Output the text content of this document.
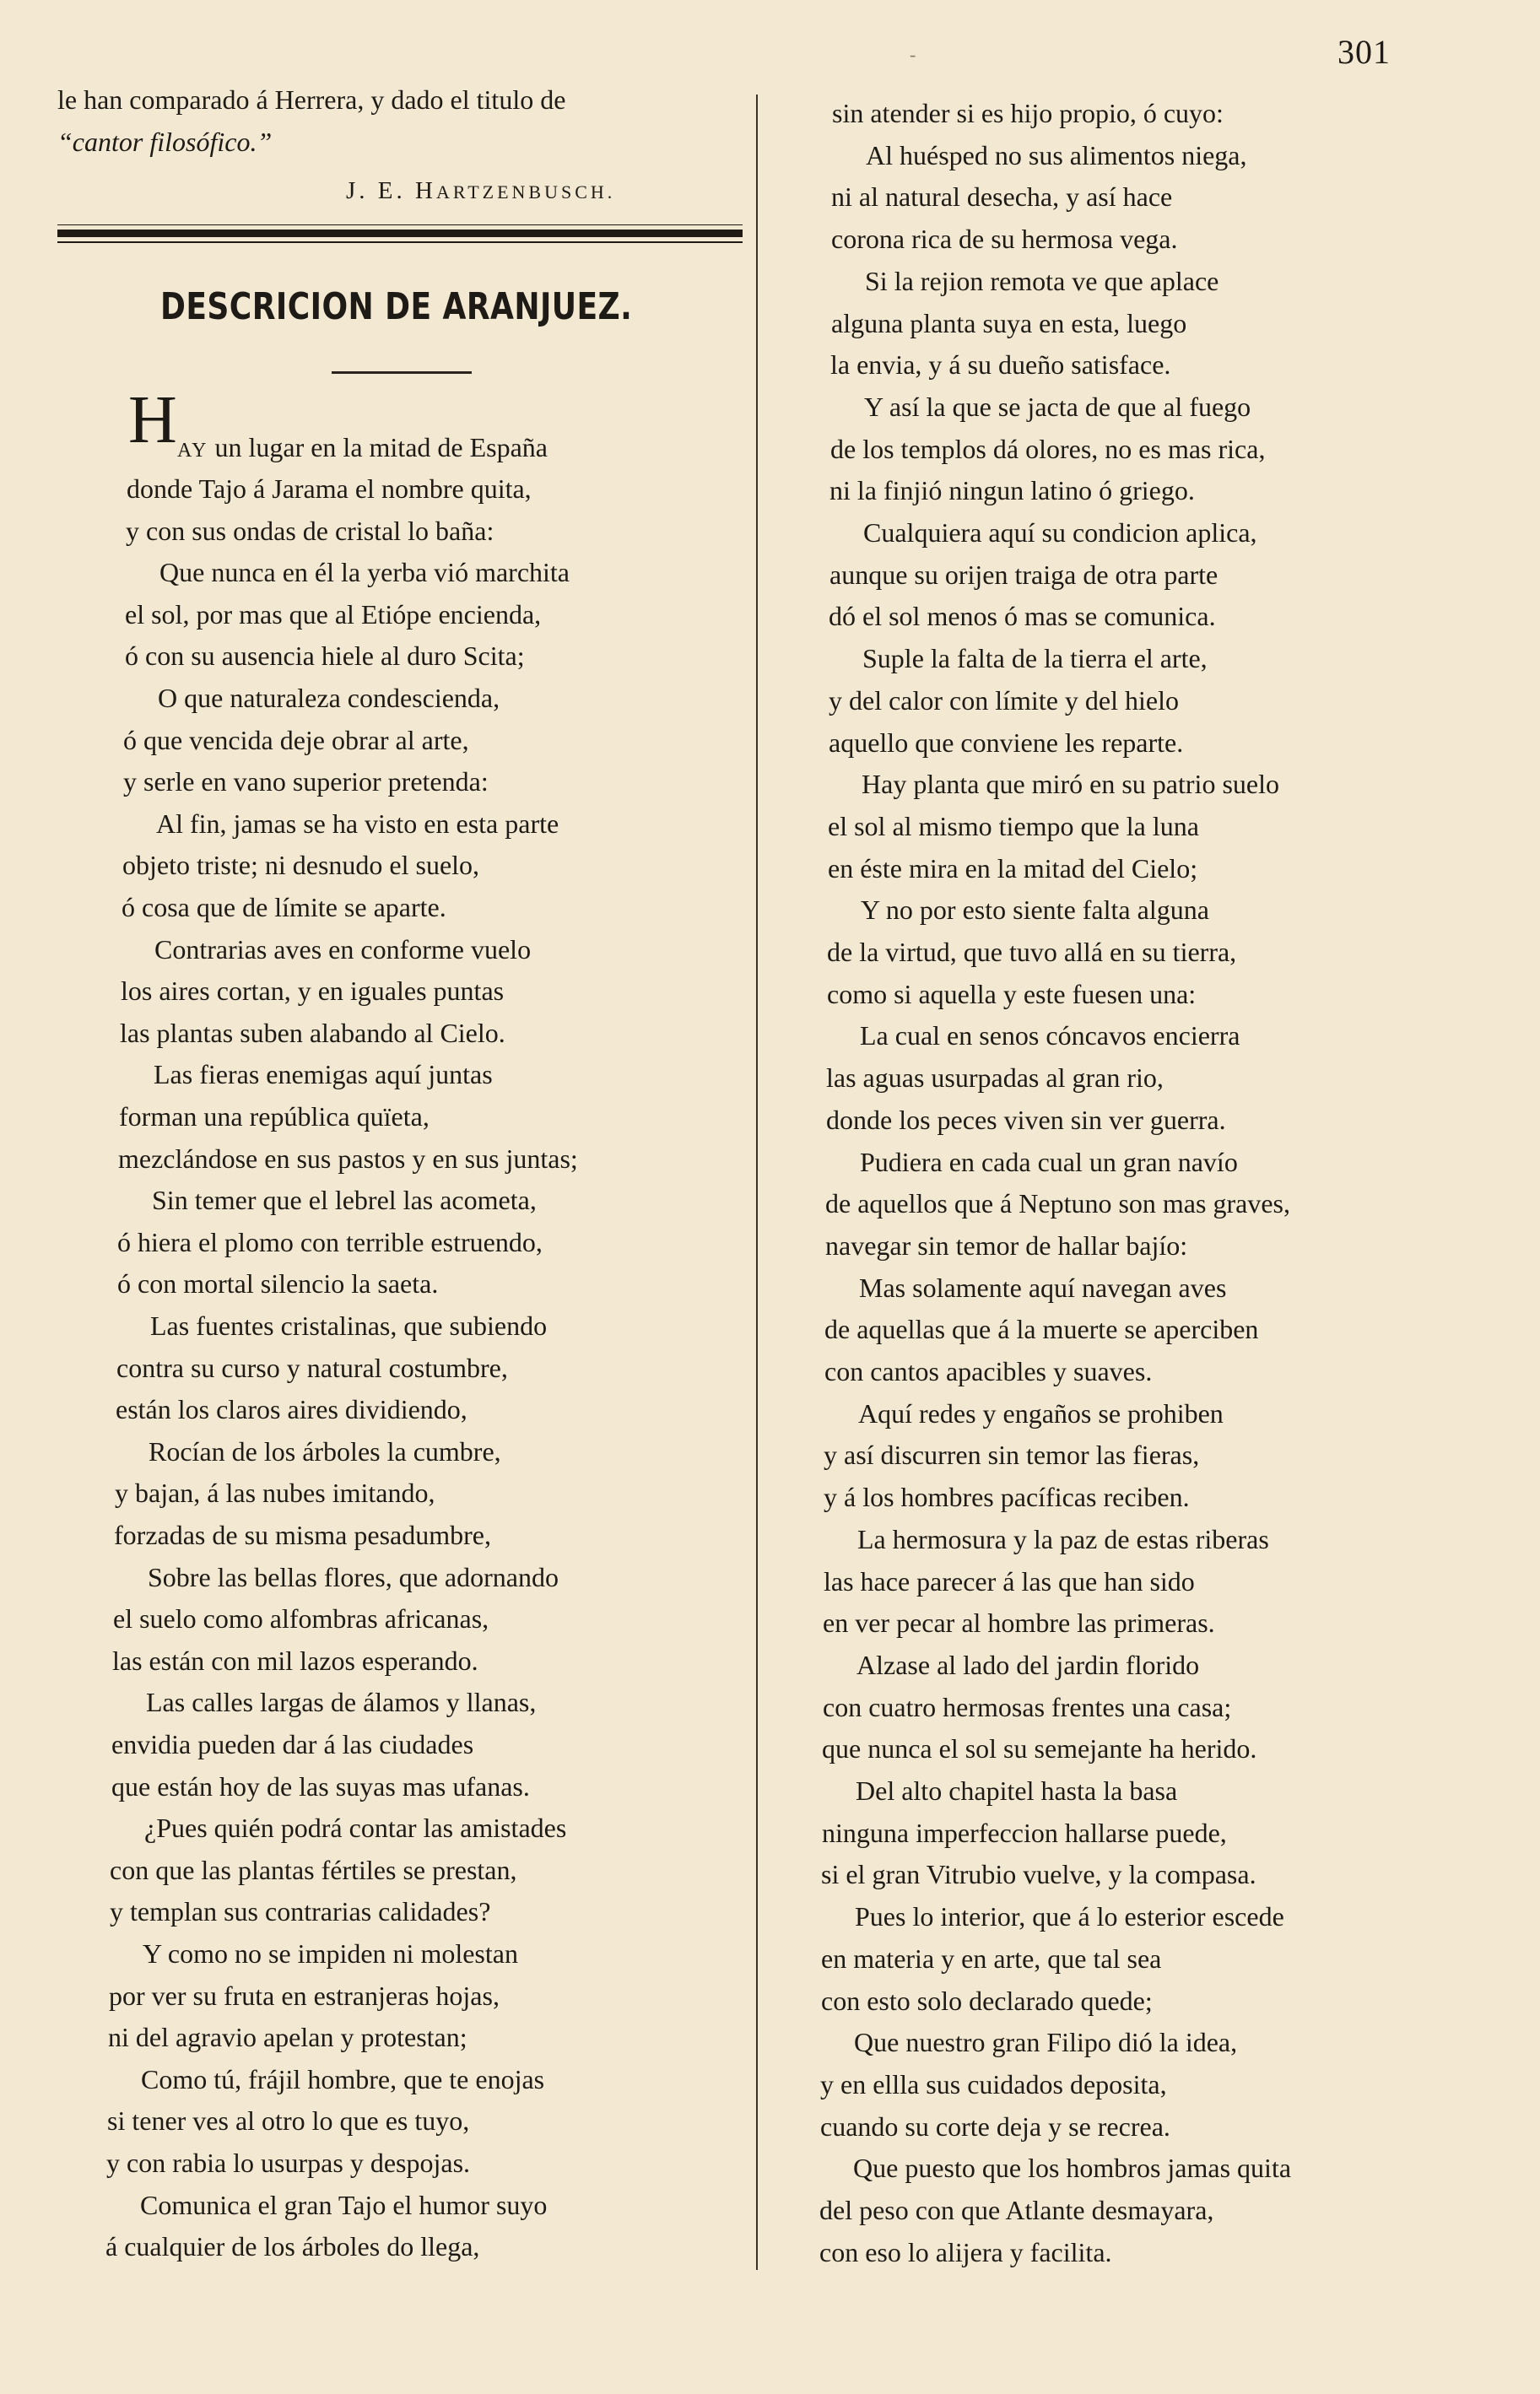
-	301
le han comparado á Herrera, y dado el titulo de
“cantor filosófico.”
J. E. HARTZENBUSCH.
DESCRICION DE ARANJUEZ.
H AY un lugar en la mitad de España
donde Tajo á Jarama el nombre quita,
y con sus ondas de cristal lo baña:
Que nunca en él la yerba vió marchita
el sol, por mas que al Etiópe encienda,
ó con su ausencia hiele al duro Scita;
O que naturaleza condescienda,
ó que vencida deje obrar al arte,
y serle en vano superior pretenda:
Al fin, jamas se ha visto en esta parte
objeto triste; ni desnudo el suelo,
ó cosa que de límite se aparte.
Contrarias aves en conforme vuelo
los aires cortan, y en iguales puntas
las plantas suben alabando al Cielo.
Las fieras enemigas aquí juntas
forman una república quïeta,
mezclándose en sus pastos y en sus juntas;
Sin temer que el lebrel las acometa,
ó hiera el plomo con terrible estruendo,
ó con mortal silencio la saeta.
Las fuentes cristalinas, que subiendo
contra su curso y natural costumbre,
están los claros aires dividiendo,
Rocían de los árboles la cumbre,
y bajan, á las nubes imitando,
forzadas de su misma pesadumbre,
Sobre las bellas flores, que adornando
el suelo como alfombras africanas,
las están con mil lazos esperando.
Las calles largas de álamos y llanas,
envidia pueden dar á las ciudades
que están hoy de las suyas mas ufanas.
¿Pues quién podrá contar las amistades
con que las plantas fértiles se prestan,
y templan sus contrarias calidades?
Y como no se impiden ni molestan
por ver su fruta en estranjeras hojas,
ni del agravio apelan y protestan;
Como tú, frájil hombre, que te enojas
si tener ves al otro lo que es tuyo,
y con rabia lo usurpas y despojas.
Comunica el gran Tajo el humor suyo
á cualquier de los árboles do llega,
sin atender si es hijo propio, ó cuyo:
Al huésped no sus alimentos niega,
ni al natural desecha, y así hace
corona rica de su hermosa vega.
Si la rejion remota ve que aplace
alguna planta suya en esta, luego
la envia, y á su dueño satisface.
Y así la que se jacta de que al fuego
de los templos dá olores, no es mas rica,
ni la finjió ningun latino ó griego.
Cualquiera aquí su condicion aplica,
aunque su orijen traiga de otra parte
dó el sol menos ó mas se comunica.
Suple la falta de la tierra el arte,
y del calor con límite y del hielo
aquello que conviene les reparte.
Hay planta que miró en su patrio suelo
el sol al mismo tiempo que la luna
en éste mira en la mitad del Cielo;
Y no por esto siente falta alguna
de la virtud, que tuvo allá en su tierra,
como si aquella y este fuesen una:
La cual en senos cóncavos encierra
las aguas usurpadas al gran rio,
donde los peces viven sin ver guerra.
Pudiera en cada cual un gran navío
de aquellos que á Neptuno son mas graves,
navegar sin temor de hallar bajío:
Mas solamente aquí navegan aves
de aquellas que á la muerte se aperciben
con cantos apacibles y suaves.
Aquí redes y engaños se prohiben
y así discurren sin temor las fieras,
y á los hombres pacíficas reciben.
La hermosura y la paz de estas riberas
las hace parecer á las que han sido
en ver pecar al hombre las primeras.
Alzase al lado del jardin florido
con cuatro hermosas frentes una casa;
que nunca el sol su semejante ha herido.
Del alto chapitel hasta la basa
ninguna imperfeccion hallarse puede,
si el gran Vitrubio vuelve, y la compasa.
Pues lo interior, que á lo esterior escede
en materia y en arte, que tal sea
con esto solo declarado quede;
Que nuestro gran Filipo dió la idea,
y en ellla sus cuidados deposita,
cuando su corte deja y se recrea.
Que puesto que los hombros jamas quita
del peso con que Atlante desmayara,
con eso lo alijera y facilita.
